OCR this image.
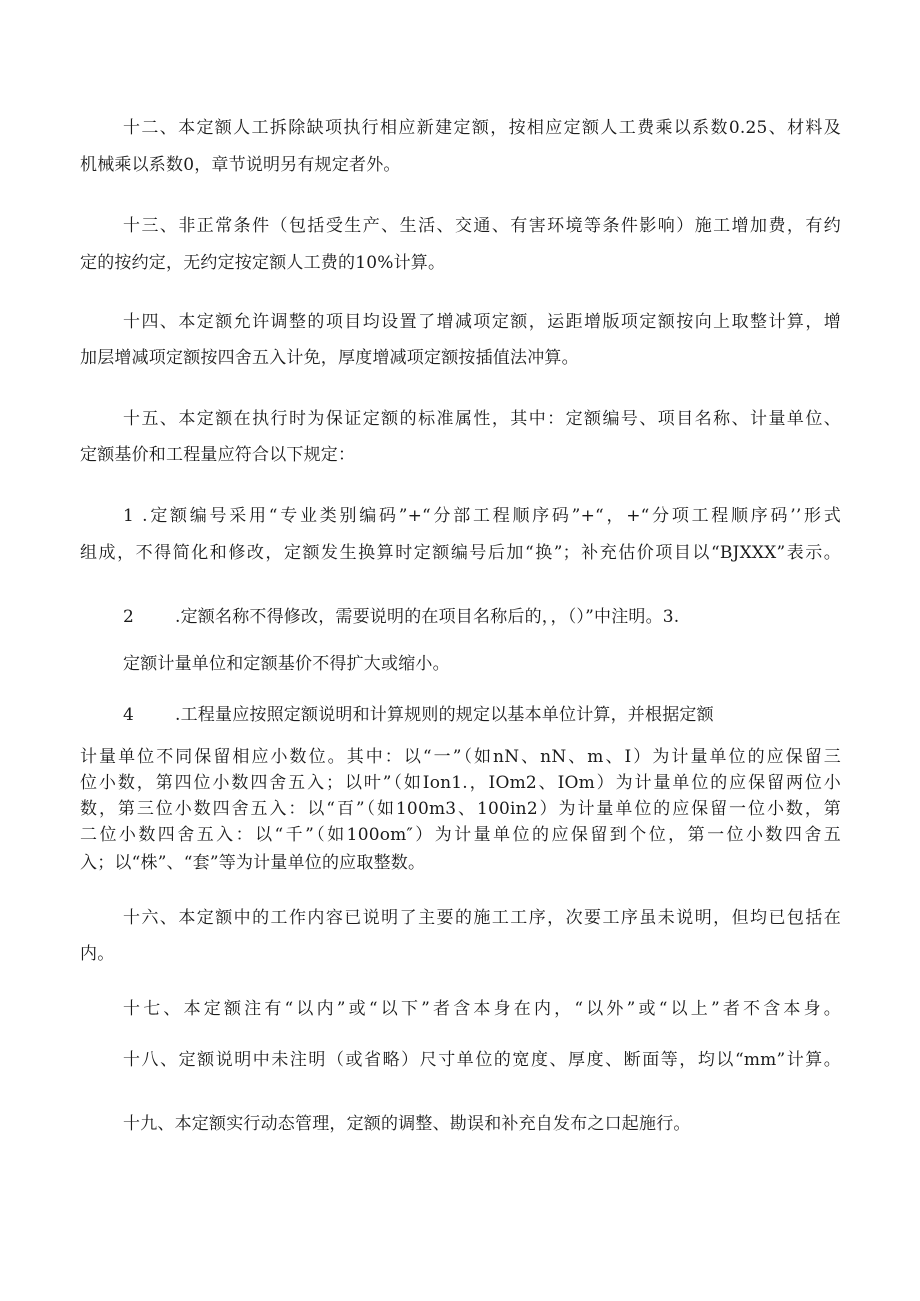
十二、本定额人工拆除缺项执行相应新建定额，按相应定额人工费乘以系数0.25、材料及
机械乘以系数0，章节说明另有规定者外。
十三、非正常条件（包括受生产、生活、交通、有害环境等条件影响）施工增加费，有约
定的按约定，无约定按定额人工费的10%计算。
十四、本定额允许调整的项目均设置了增减项定额，运距增版项定额按向上取整计算，增
加层增减项定额按四舍五入计免，厚度增减项定额按插值法冲算。
十五、本定额在执行时为保证定额的标准属性，其中：定额编号、项目名称、计量单位、
定额基价和工程量应符合以下规定：
1 .定额编号采用“专业类别编码”+“分部工程顺序码”+“，+“分项工程顺序码’’形式
组成，不得简化和修改，定额发生换算时定额编号后加“换”；补充估价项目以“BJXXX”表示。
2 .定额名称不得修改，需要说明的在项目名称后的，，（）”中注明。3.
定额计量单位和定额基价不得扩大或缩小。
4 .工程量应按照定额说明和计算规则的规定以基本单位计算，并根据定额
计量单位不同保留相应小数位。其中：以“一”（如nN、nN、m、I）为计量单位的应保留三
位小数，第四位小数四舍五入；以叶”（如Ion1.，IOm2、IOm）为计量单位的应保留两位小
数，第三位小数四舍五入：以“百”（如100m3、100in2）为计量单位的应保留一位小数，第
二位小数四舍五入：以“千”（如100om″）为计量单位的应保留到个位，第一位小数四舍五
入；以“株”、“套”等为计量单位的应取整数。
十六、本定额中的工作内容已说明了主要的施工工序，次要工序虽未说明，但均已包括在
内。
十七、本定额注有“以内”或“以下”者含本身在内，“以外”或“以上”者不含本身。
十八、定额说明中未注明（或省略）尺寸单位的宽度、厚度、断面等，均以“mm”计算。
十九、本定额实行动态管理，定额的调整、勘误和补充自发布之口起施行。
